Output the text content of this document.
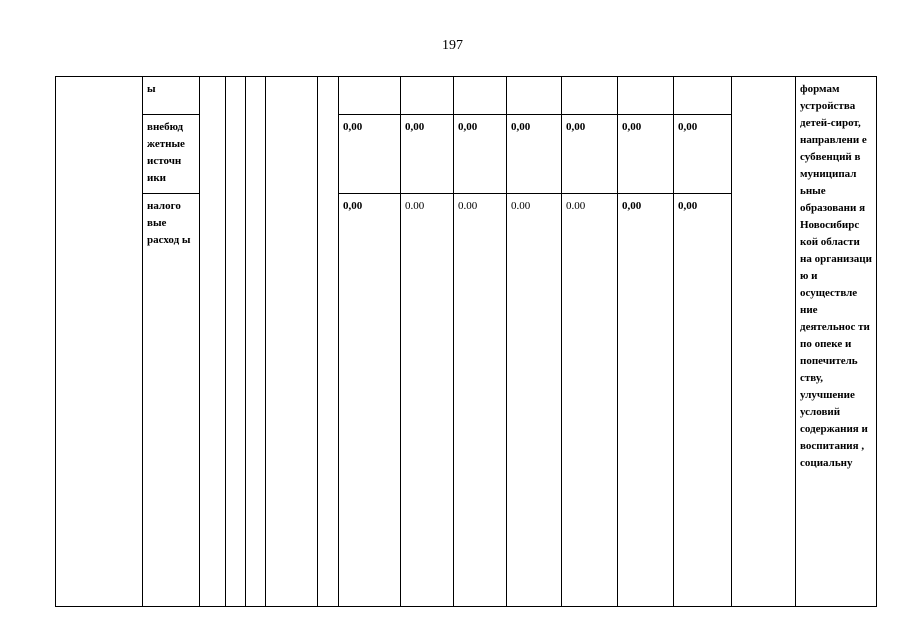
197
	ы														формам устройства детей-сирот, направлени е субвенций в муниципал ьные образовани я Новосибирс кой области на организаци ю и осуществле ние деятельнос ти по опеке и попечитель ству, улучшение условий содержания и воспитания , социальну
	внебюд жетные источн ики						0,00	0,00	0,00	0,00	0,00	0,00	0,00		
	налого вые расход ы						0,00	0.00	0.00	0.00	0.00	0,00	0,00		
